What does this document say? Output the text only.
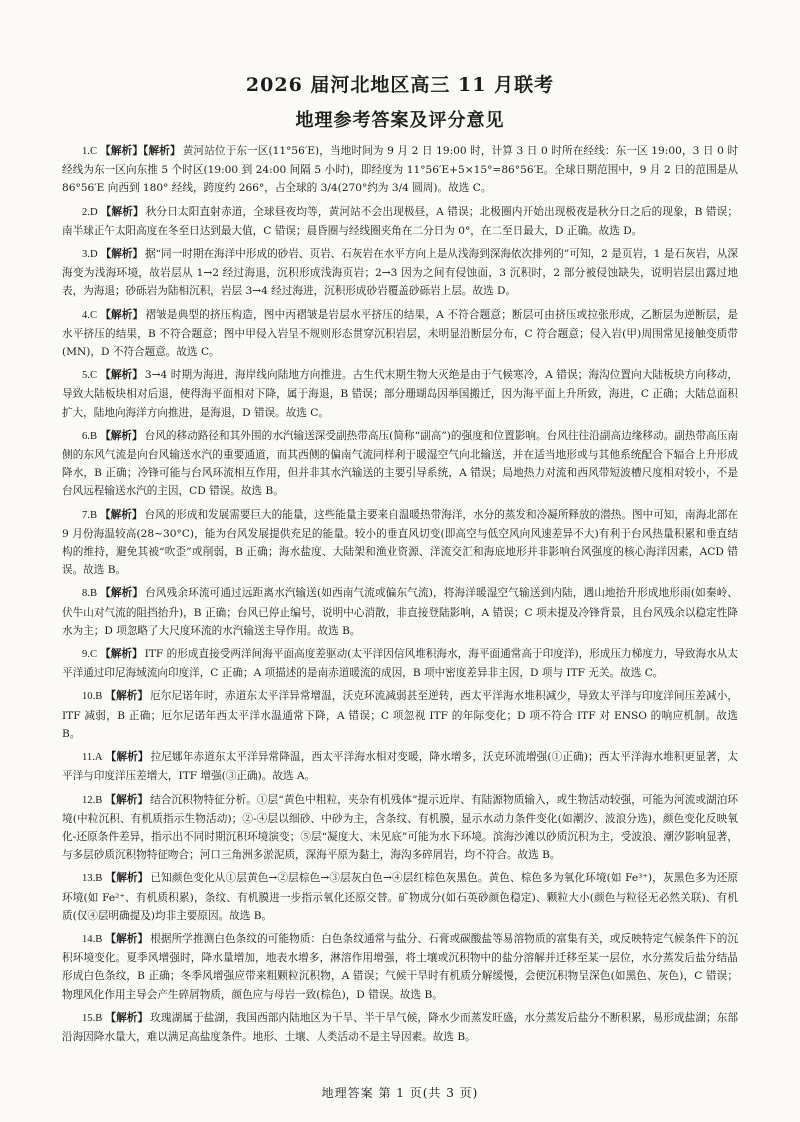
2026 届河北地区高三 11 月联考
地理参考答案及评分意见

1.C 【解析】【解析】 黄河站位于东一区(11°56′E)，当地时间为 9 月 2 日 19:00 时，计算 3 日 0 时所在经线：东一区 19:00，3 日 0 时经线为东一区向东推 5 个时区(19:00 到 24:00 间隔 5 小时)，即经度为 11°56′E+5×15°=86°56′E。全球日期范围中，9 月 2 日的范围是从 86°56′E 向西到 180° 经线，跨度约 266°，占全球的 3/4(270°约为 3/4 圆周)。故选 C。

2.D 【解析】 秋分日太阳直射赤道，全球昼夜均等，黄河站不会出现极昼，A 错误；北极圈内开始出现极夜是秋分日之后的现象，B 错误；南半球正午太阳高度在冬至日达到最大值，C 错误；晨昏圈与经线圈夹角在二分日为 0°，在二至日最大，D 正确。故选 D。

3.D 【解析】 据“同一时期在海洋中形成的砂岩、页岩、石灰岩在水平方向上是从浅海到深海依次排列的”可知，2 是页岩，1 是石灰岩，从深海变为浅海环境，故岩层从 1→2 经过海退，沉积形成浅海页岩；2→3 因为之间有侵蚀面，3 沉积时，2 部分被侵蚀缺失，说明岩层出露过地表，为海退；砂砾岩为陆相沉积，岩层 3→4 经过海进，沉积形成砂岩覆盖砂砾岩上层。故选 D。

4.C 【解析】 褶皱是典型的挤压构造，图中丙褶皱是岩层水平挤压的结果，A 不符合题意；断层可由挤压或拉张形成，乙断层为逆断层，是水平挤压的结果，B 不符合题意；图中甲侵入岩呈不规则形态贯穿沉积岩层，未明显沿断层分布，C 符合题意；侵入岩(甲)周围常见接触变质带(MN)，D 不符合题意。故选 C。

5.C 【解析】 3→4 时期为海进，海岸线向陆地方向推进。古生代末期生物大灭绝是由于气候寒冷，A 错误；海沟位置向大陆板块方向移动，导致大陆板块相对后退，使得海平面相对下降，属于海退，B 错误；部分珊瑚岛因举国搬迁，因为海平面上升所致，海进，C 正确；大陆总面积扩大，陆地向海洋方向推进，是海退，D 错误。故选 C。

6.B 【解析】 台风的移动路径和其外围的水汽输送深受副热带高压(简称“副高”)的强度和位置影响。台风往往沿副高边缘移动。副热带高压南侧的东风气流是向台风输送水汽的重要通道，而其西侧的偏南气流同样利于暖湿空气向北输送，并在适当地形或与其他系统配合下辐合上升形成降水，B 正确；冷锋可能与台风环流相互作用，但并非其水汽输送的主要引导系统，A 错误；局地热力对流和西风带短波槽尺度相对较小，不是台风远程输送水汽的主因，CD 错误。故选 B。

7.B 【解析】 台风的形成和发展需要巨大的能量，这些能量主要来自温暖热带海洋，水分的蒸发和冷凝所释放的潜热。图中可知，南海北部在 9 月份海温较高(28~30°C)，能为台风发展提供充足的能量。较小的垂直风切变(即高空与低空风向风速差异不大)有利于台风热量积累和垂直结构的维持，避免其被“吹歪”或削弱，B 正确；海水盐度、大陆架和渔业资源、洋流交汇和海底地形并非影响台风强度的核心海洋因素，ACD 错误。故选 B。

8.B 【解析】 台风残余环流可通过远距离水汽输送(如西南气流或偏东气流)，将海洋暖湿空气输送到内陆，遇山地抬升形成地形雨(如秦岭、伏牛山对气流的阻挡抬升)，B 正确；台风已停止编号，说明中心消散，非直接登陆影响，A 错误；C 项未提及冷锋背景，且台风残余以稳定性降水为主；D 项忽略了大尺度环流的水汽输送主导作用。故选 B。

9.C 【解析】 ITF 的形成直接受两洋间海平面高度差驱动(太平洋因信风堆积海水，海平面通常高于印度洋)，形成压力梯度力，导致海水从太平洋通过印尼海域流向印度洋，C 正确；A 项描述的是南赤道暖流的成因，B 项中密度差异非主因，D 项与 ITF 无关。故选 C。

10.B 【解析】 厄尔尼诺年时，赤道东太平洋异常增温，沃克环流减弱甚至逆转，西太平洋海水堆积减少，导致太平洋与印度洋间压差减小，ITF 减弱，B 正确；厄尔尼诺年西太平洋水温通常下降，A 错误；C 项忽视 ITF 的年际变化；D 项不符合 ITF 对 ENSO 的响应机制。故选 B。

11.A 【解析】 拉尼娜年赤道东太平洋异常降温，西太平洋海水相对变暖，降水增多，沃克环流增强(①正确)；西太平洋海水堆积更显著，太平洋与印度洋压差增大，ITF 增强(③正确)。故选 A。

12.B 【解析】 结合沉积物特征分析。①层“黄色中粗粒，夹杂有机残体”提示近岸、有陆源物质输入，或生物活动较强，可能为河流或湖泊环境(中粒沉积、有机质指示生物活动)；②-④层以细砂、中砂为主，含条纹、有机膜，显示水动力条件变化(如潮汐、波浪分选)，颜色变化反映氧化-还原条件差异，指示出不同时期沉积环境演变；⑤层“凝度大、未见底”可能为水下环境。滨海沙滩以砂质沉积为主，受波浪、潮汐影响显著，与多层砂质沉积物特征吻合；河口三角洲多淤泥质，深海平原为黏土，海沟多碎屑岩，均不符合。故选 B。

13.B 【解析】 已知颜色变化从①层黄色→②层棕色→③层灰白色→④层红棕色灰黑色。黄色、棕色多为氧化环境(如 Fe³⁺)，灰黑色多为还原环境(如 Fe²⁺、有机质积累)，条纹、有机膜进一步指示氧化还原交替。矿物成分(如石英砂颜色稳定)、颗粒大小(颜色与粒径无必然关联)、有机质(仅④层明确提及)均非主要原因。故选 B。

14.B 【解析】 根据所学推测白色条纹的可能物质：白色条纹通常与盐分、石膏或碳酸盐等易溶物质的富集有关，或反映特定气候条件下的沉积环境变化。夏季风增强时，降水量增加，地表水增多，淋溶作用增强，将土壤或沉积物中的盐分溶解并迁移至某一层位，水分蒸发后盐分结晶形成白色条纹，B 正确；冬季风增强应带来粗颗粒沉积物，A 错误；气候干旱时有机质分解缓慢，会使沉积物呈深色(如黑色、灰色)，C 错误；物理风化作用主导会产生碎屑物质，颜色应与母岩一致(棕色)，D 错误。故选 B。

15.B 【解析】 玫瑰湖属于盐湖，我国西部内陆地区为干旱、半干旱气候，降水少而蒸发旺盛，水分蒸发后盐分不断积累，易形成盐湖；东部沿海因降水量大，难以满足高盐度条件。地形、土壤、人类活动不是主导因素。故选 B。

地理答案 第 1 页(共 3 页)
